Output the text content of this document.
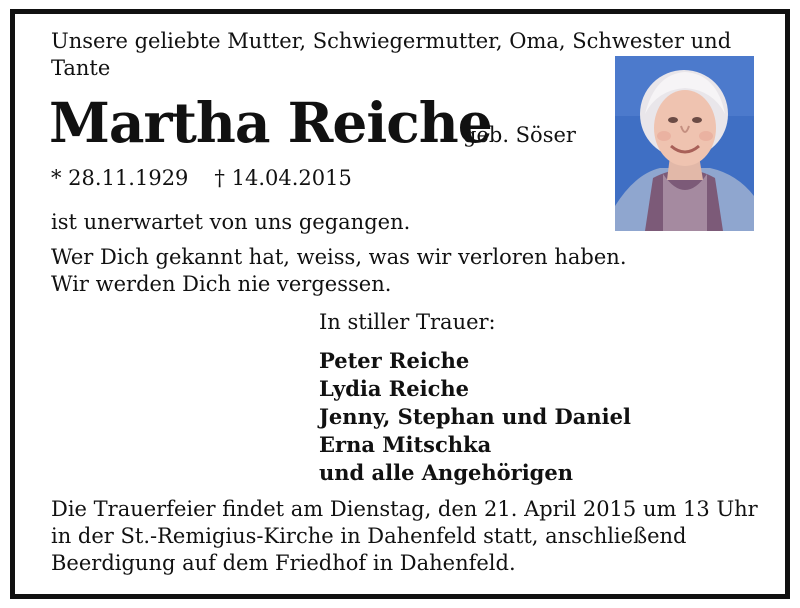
Unsere geliebte Mutter, Schwiegermutter, Oma, Schwester und
Tante
Martha Reiche
geb. Söser
* 28.11.1929 † 14.04.2015
ist unerwartet von uns gegangen.
Wer Dich gekannt hat, weiss, was wir verloren haben.
Wir werden Dich nie vergessen.
In stiller Trauer:
Peter Reiche
Lydia Reiche
Jenny, Stephan und Daniel
Erna Mitschka
und alle Angehörigen
Die Trauerfeier findet am Dienstag, den 21. April 2015 um 13 Uhr
in der St.-Remigius-Kirche in Dahenfeld statt, anschließend
Beerdigung auf dem Friedhof in Dahenfeld.
